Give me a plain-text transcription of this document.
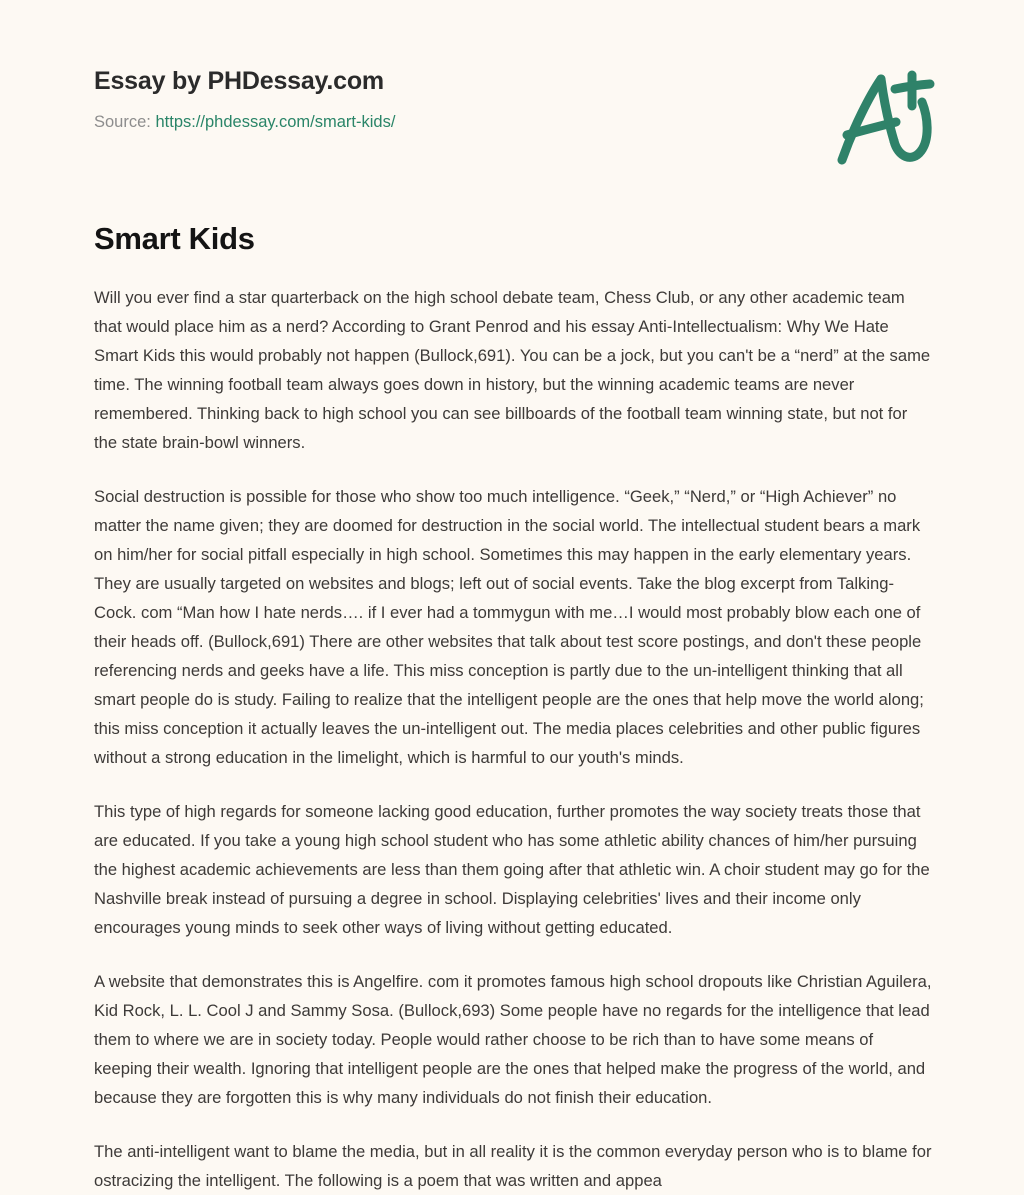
Essay by PHDessay.com
Source: https://phdessay.com/smart-kids/
Smart Kids

Will you ever find a star quarterback on the high school debate team, Chess Club, or any other academic team that would place him as a nerd? According to Grant Penrod and his essay Anti-Intellectualism: Why We Hate Smart Kids this would probably not happen (Bullock,691). You can be a jock, but you can't be a “nerd” at the same time. The winning football team always goes down in history, but the winning academic teams are never remembered. Thinking back to high school you can see billboards of the football team winning state, but not for the state brain-bowl winners.

Social destruction is possible for those who show too much intelligence. “Geek,” “Nerd,” or “High Achiever” no matter the name given; they are doomed for destruction in the social world. The intellectual student bears a mark on him/her for social pitfall especially in high school. Sometimes this may happen in the early elementary years. They are usually targeted on websites and blogs; left out of social events. Take the blog excerpt from Talking-Cock. com “Man how I hate nerds…. if I ever had a tommygun with me…I would most probably blow each one of their heads off. (Bullock,691) There are other websites that talk about test score postings, and don't these people referencing nerds and geeks have a life. This miss conception is partly due to the un-intelligent thinking that all smart people do is study. Failing to realize that the intelligent people are the ones that help move the world along; this miss conception it actually leaves the un-intelligent out. The media places celebrities and other public figures without a strong education in the limelight, which is harmful to our youth's minds.

This type of high regards for someone lacking good education, further promotes the way society treats those that are educated. If you take a young high school student who has some athletic ability chances of him/her pursuing the highest academic achievements are less than them going after that athletic win. A choir student may go for the Nashville break instead of pursuing a degree in school. Displaying celebrities' lives and their income only encourages young minds to seek other ways of living without getting educated.

A website that demonstrates this is Angelfire. com it promotes famous high school dropouts like Christian Aguilera, Kid Rock, L. L. Cool J and Sammy Sosa. (Bullock,693) Some people have no regards for the intelligence that lead them to where we are in society today. People would rather choose to be rich than to have some means of keeping their wealth. Ignoring that intelligent people are the ones that helped make the progress of the world, and because they are forgotten this is why many individuals do not finish their education.

The anti-intelligent want to blame the media, but in all reality it is the common everyday person who is to blame for ostracizing the intelligent. The following is a poem that was written and appea
